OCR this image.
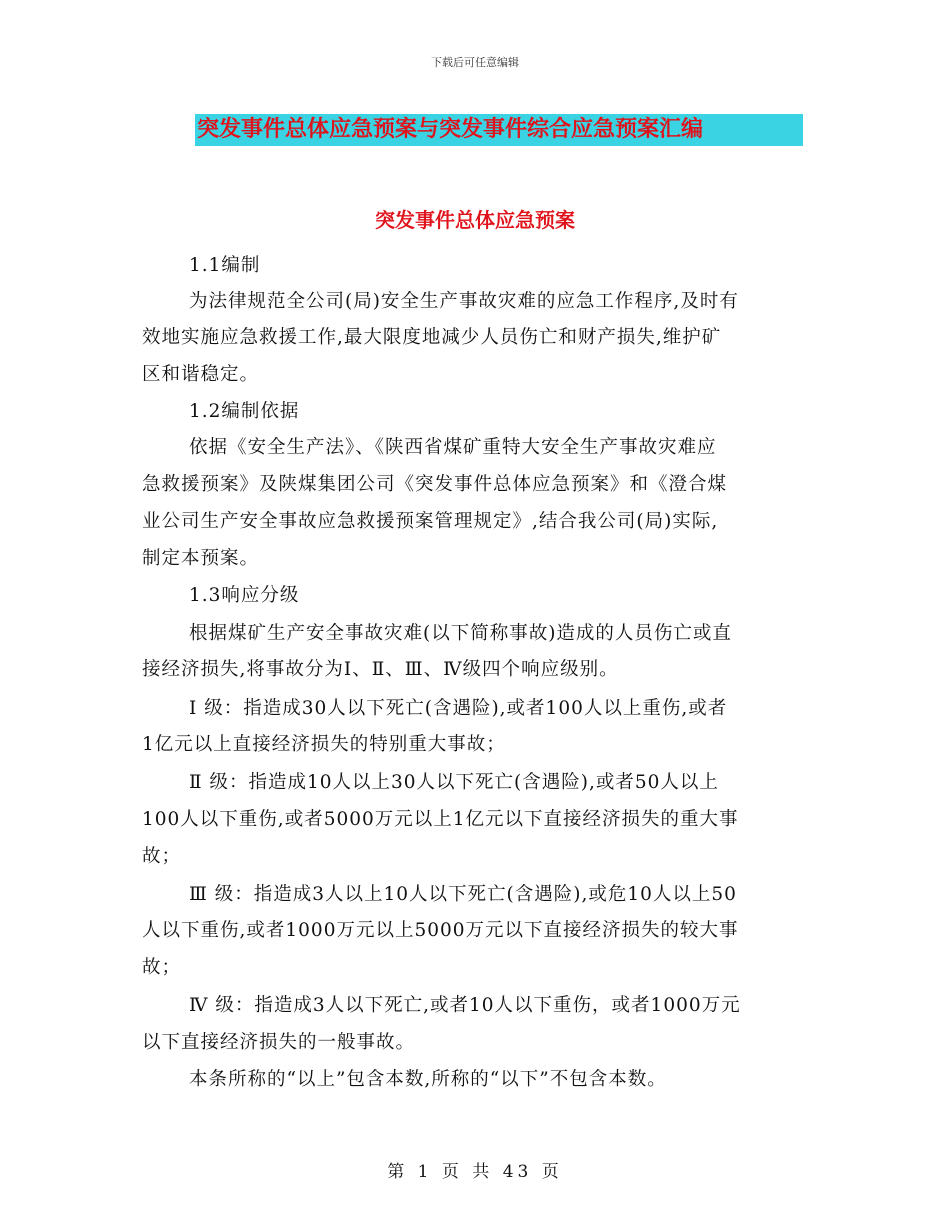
下载后可任意编辑
突发事件总体应急预案与突发事件综合应急预案汇编
突发事件总体应急预案
1.1编制
为法律规范全公司(局)安全生产事故灾难的应急工作程序,及时有
效地实施应急救援工作,最大限度地减少人员伤亡和财产损失,维护矿
区和谐稳定。
1.2编制依据
依据《安全生产法》、《陕西省煤矿重特大安全生产事故灾难应
急救援预案》及陕煤集团公司《突发事件总体应急预案》和《澄合煤
业公司生产安全事故应急救援预案管理规定》,结合我公司(局)实际,
制定本预案。
1.3响应分级
根据煤矿生产安全事故灾难(以下简称事故)造成的人员伤亡或直
接经济损失,将事故分为Ⅰ、Ⅱ、Ⅲ、Ⅳ级四个响应级别。
Ⅰ 级：指造成30人以下死亡(含遇险),或者100人以上重伤,或者
1亿元以上直接经济损失的特别重大事故；
Ⅱ 级：指造成10人以上30人以下死亡(含遇险),或者50人以上
100人以下重伤,或者5000万元以上1亿元以下直接经济损失的重大事
故；
Ⅲ 级：指造成3人以上10人以下死亡(含遇险),或危10人以上50
人以下重伤,或者1000万元以上5000万元以下直接经济损失的较大事
故；
Ⅳ 级：指造成3人以下死亡,或者10人以下重伤，或者1000万元
以下直接经济损失的一般事故。
本条所称的“以上”包含本数,所称的“以下”不包含本数。
第 1 页 共 43 页
